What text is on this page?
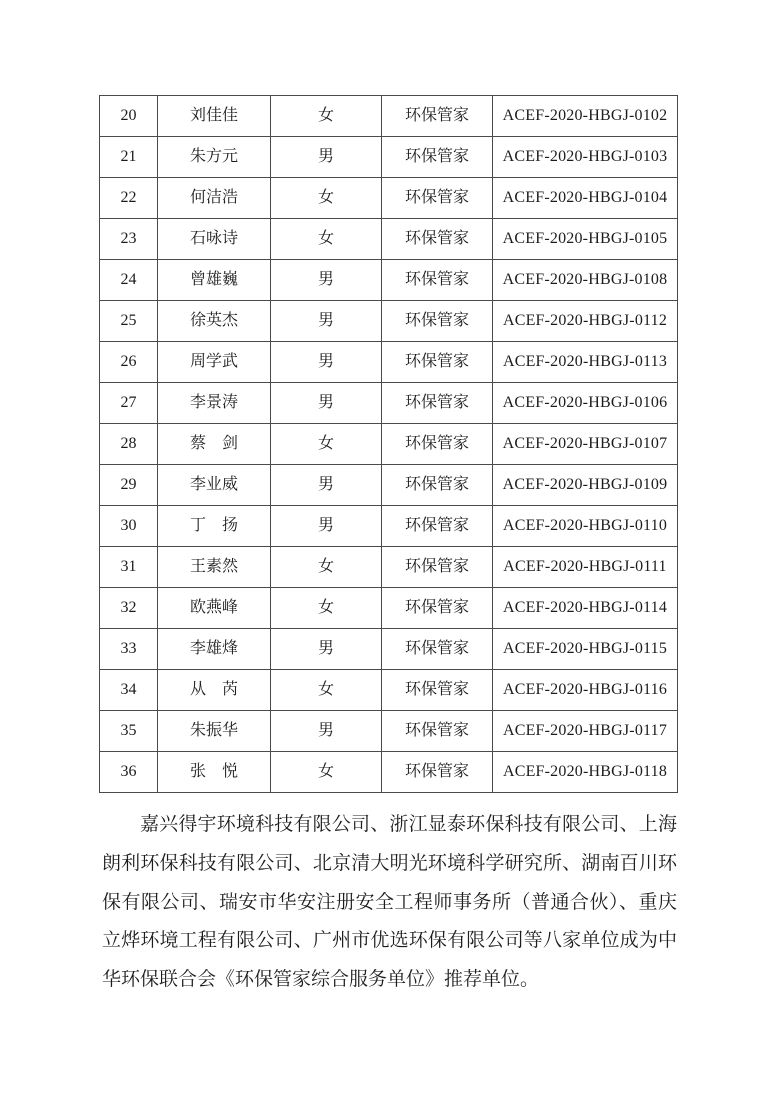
20	刘佳佳	女	环保管家	ACEF-2020-HBGJ-0102
21	朱方元	男	环保管家	ACEF-2020-HBGJ-0103
22	何洁浩	女	环保管家	ACEF-2020-HBGJ-0104
23	石咏诗	女	环保管家	ACEF-2020-HBGJ-0105
24	曾雄巍	男	环保管家	ACEF-2020-HBGJ-0108
25	徐英杰	男	环保管家	ACEF-2020-HBGJ-0112
26	周学武	男	环保管家	ACEF-2020-HBGJ-0113
27	李景涛	男	环保管家	ACEF-2020-HBGJ-0106
28	蔡　剑	女	环保管家	ACEF-2020-HBGJ-0107
29	李业威	男	环保管家	ACEF-2020-HBGJ-0109
30	丁　扬	男	环保管家	ACEF-2020-HBGJ-0110
31	王素然	女	环保管家	ACEF-2020-HBGJ-0111
32	欧燕峰	女	环保管家	ACEF-2020-HBGJ-0114
33	李雄烽	男	环保管家	ACEF-2020-HBGJ-0115
34	从　芮	女	环保管家	ACEF-2020-HBGJ-0116
35	朱振华	男	环保管家	ACEF-2020-HBGJ-0117
36	张　悦	女	环保管家	ACEF-2020-HBGJ-0118

嘉兴得宇环境科技有限公司、浙江显泰环保科技有限公司、上海朗利环保科技有限公司、北京清大明光环境科学研究所、湖南百川环保有限公司、瑞安市华安注册安全工程师事务所（普通合伙）、重庆立烨环境工程有限公司、广州市优选环保有限公司等八家单位成为中华环保联合会《环保管家综合服务单位》推荐单位。
